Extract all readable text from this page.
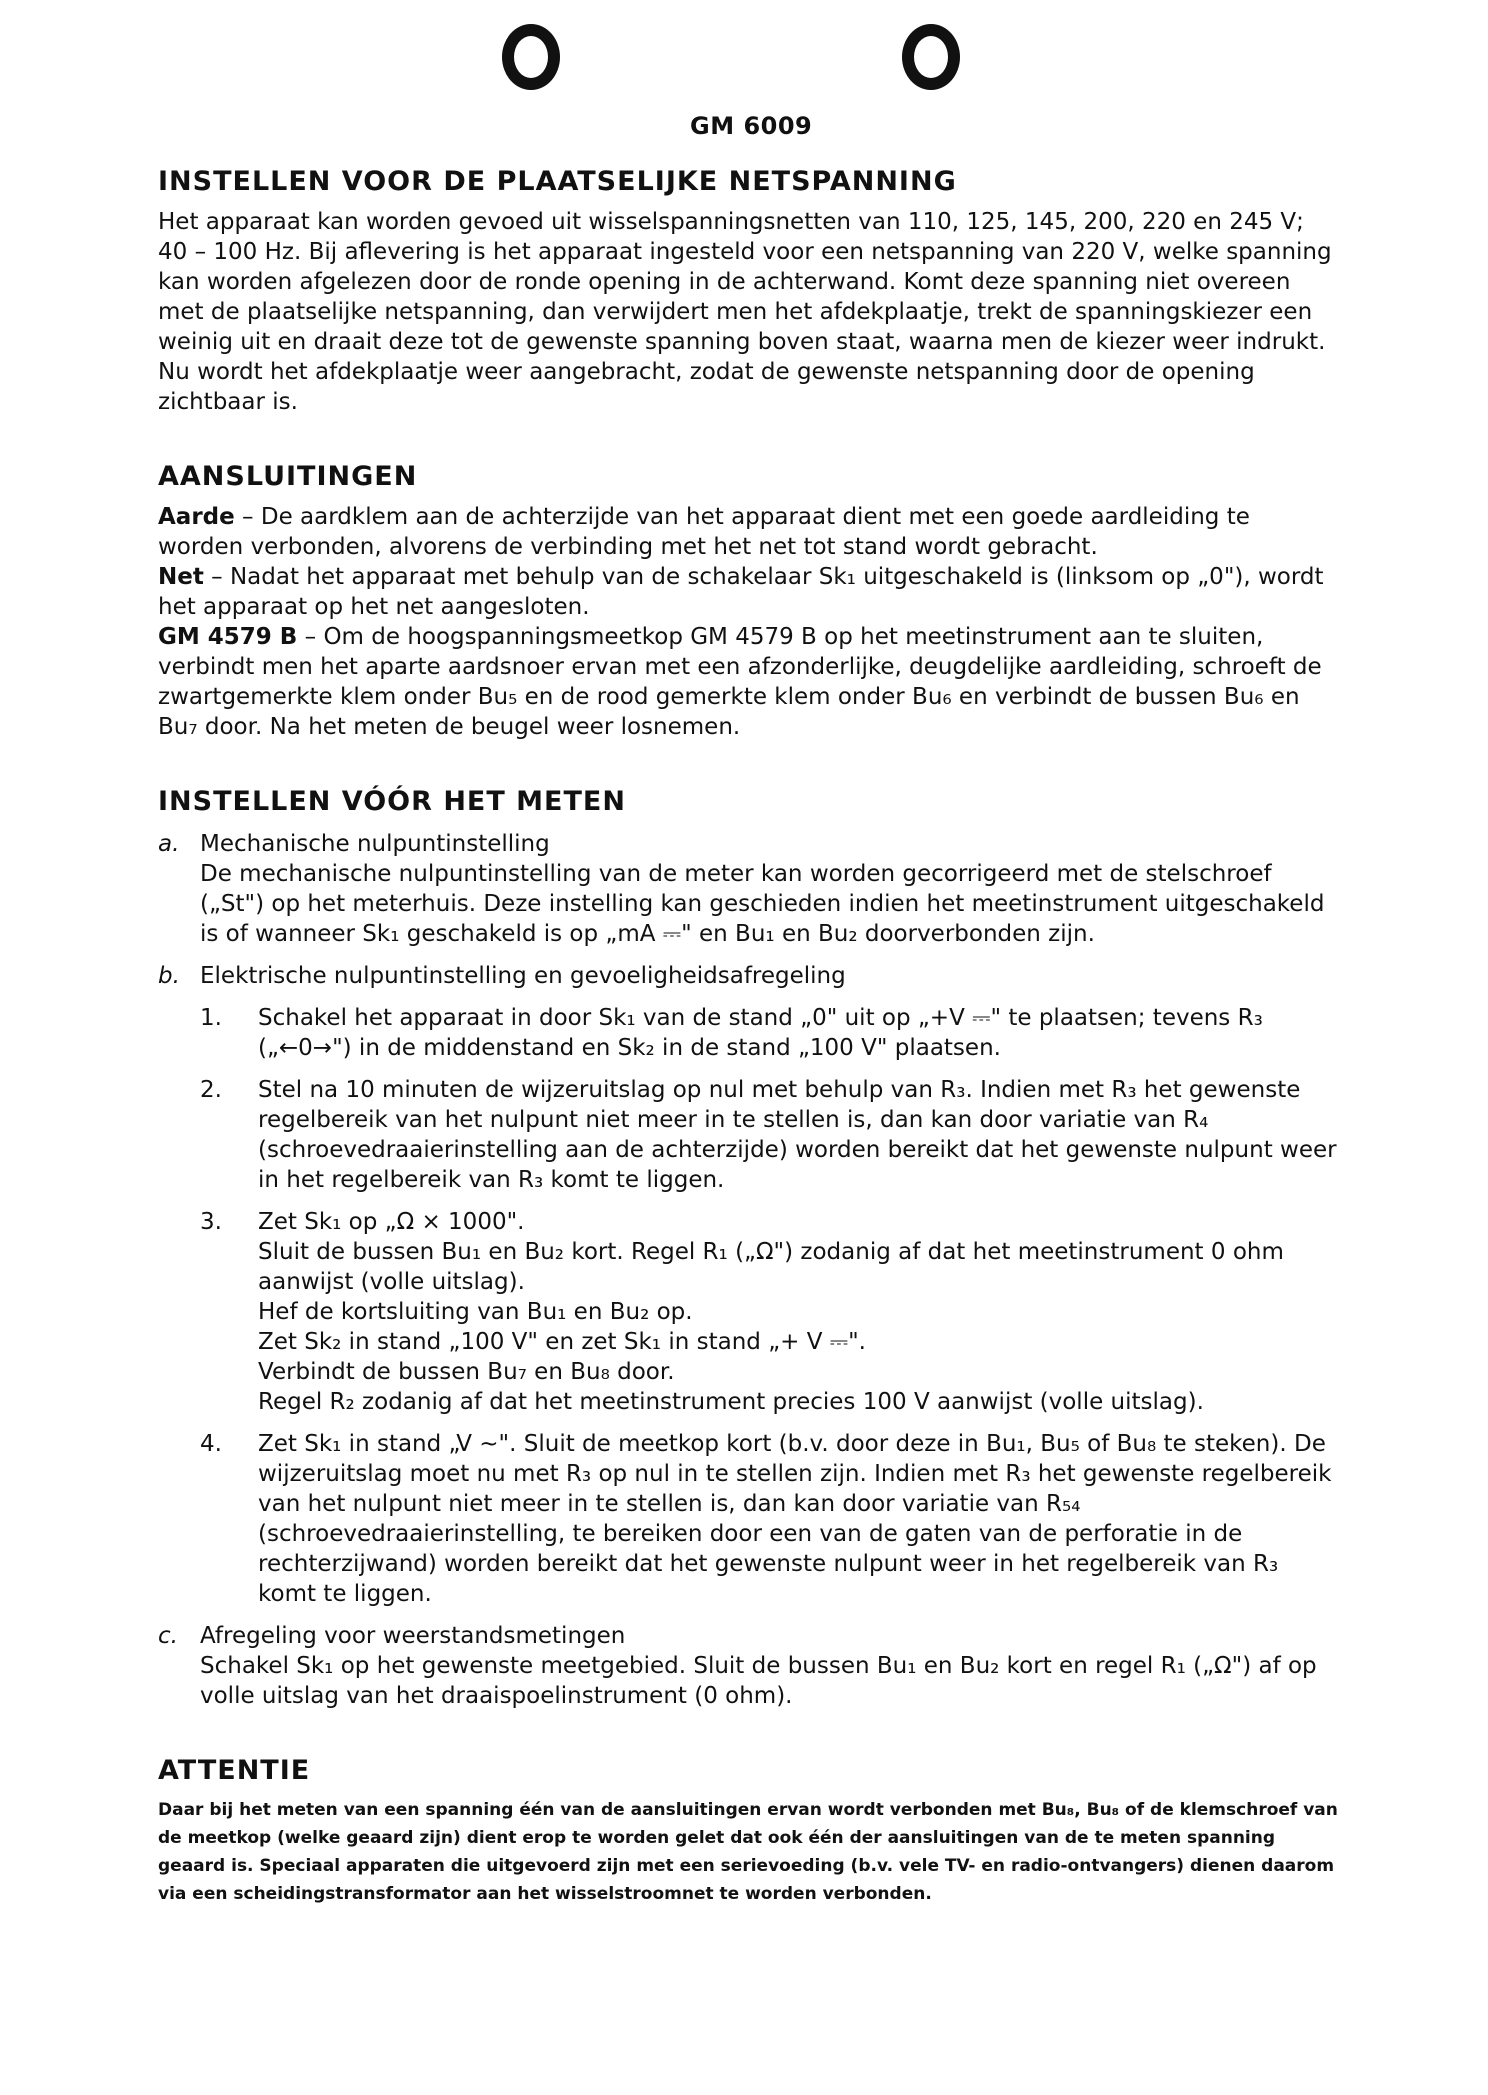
GM 6009
INSTELLEN VOOR DE PLAATSELIJKE NETSPANNING

Het apparaat kan worden gevoed uit wisselspanningsnetten van 110, 125, 145, 200, 220 en 245 V; 40 – 100 Hz. Bij aflevering is het apparaat ingesteld voor een netspanning van 220 V, welke spanning kan worden afgelezen door de ronde opening in de achterwand. Komt deze spanning niet overeen met de plaatselijke netspanning, dan verwijdert men het afdekplaatje, trekt de spanningskiezer een weinig uit en draait deze tot de gewenste spanning boven staat, waarna men de kiezer weer indrukt. Nu wordt het afdekplaatje weer aangebracht, zodat de gewenste netspanning door de opening zichtbaar is.

AANSLUITINGEN

Aarde – De aardklem aan de achterzijde van het apparaat dient met een goede aardleiding te worden verbonden, alvorens de verbinding met het net tot stand wordt gebracht.

Net – Nadat het apparaat met behulp van de schakelaar Sk₁ uitgeschakeld is (linksom op „0"), wordt het apparaat op het net aangesloten.

GM 4579 B – Om de hoogspanningsmeetkop GM 4579 B op het meetinstrument aan te sluiten, verbindt men het aparte aardsnoer ervan met een afzonderlijke, deugdelijke aardleiding, schroeft de zwartgemerkte klem onder Bu₅ en de rood gemerkte klem onder Bu₆ en verbindt de bussen Bu₆ en Bu₇ door. Na het meten de beugel weer losnemen.

INSTELLEN VÓÓR HET METEN
a. Mechanische nulpuntinstelling

De mechanische nulpuntinstelling van de meter kan worden gecorrigeerd met de stelschroef („St") op het meterhuis. Deze instelling kan geschieden indien het meetinstrument uitgeschakeld is of wanneer Sk₁ geschakeld is op „mA ⎓" en Bu₁ en Bu₂ doorverbonden zijn.

b. Elektrische nulpuntinstelling en gevoeligheidsafregeling

1.	Schakel het apparaat in door Sk₁ van de stand „0" uit op „+V ⎓" te plaatsen; tevens R₃ („←0→") in de middenstand en Sk₂ in de stand „100 V" plaatsen.

2.	Stel na 10 minuten de wijzeruitslag op nul met behulp van R₃. Indien met R₃ het gewenste regelbereik van het nulpunt niet meer in te stellen is, dan kan door variatie van R₄ (schroevedraaierinstelling aan de achterzijde) worden bereikt dat het gewenste nulpunt weer in het regelbereik van R₃ komt te liggen.

3.	Zet Sk₁ op „Ω × 1000".

Sluit de bussen Bu₁ en Bu₂ kort. Regel R₁ („Ω") zodanig af dat het meetinstrument 0 ohm aanwijst (volle uitslag).

Hef de kortsluiting van Bu₁ en Bu₂ op.

Zet Sk₂ in stand „100 V" en zet Sk₁ in stand „+ V ⎓".

Verbindt de bussen Bu₇ en Bu₈ door.

Regel R₂ zodanig af dat het meetinstrument precies 100 V aanwijst (volle uitslag).

4.	Zet Sk₁ in stand „V ∼". Sluit de meetkop kort (b.v. door deze in Bu₁, Bu₅ of Bu₈ te steken). De wijzeruitslag moet nu met R₃ op nul in te stellen zijn. Indien met R₃ het gewenste regelbereik van het nulpunt niet meer in te stellen is, dan kan door variatie van R₅₄ (schroevedraaierinstelling, te bereiken door een van de gaten van de perforatie in de rechterzijwand) worden bereikt dat het gewenste nulpunt weer in het regelbereik van R₃ komt te liggen.

c. Afregeling voor weerstandsmetingen

Schakel Sk₁ op het gewenste meetgebied. Sluit de bussen Bu₁ en Bu₂ kort en regel R₁ („Ω") af op volle uitslag van het draaispoelinstrument (0 ohm).

ATTENTIE

Daar bij het meten van een spanning één van de aansluitingen ervan wordt verbonden met Bu₈, Bu₈ of de klemschroef van de meetkop (welke geaard zijn) dient erop te worden gelet dat ook één der aansluitingen van de te meten spanning geaard is. Speciaal apparaten die uitgevoerd zijn met een serievoeding (b.v. vele TV- en radio-ontvangers) dienen daarom via een scheidingstransformator aan het wisselstroomnet te worden verbonden.
